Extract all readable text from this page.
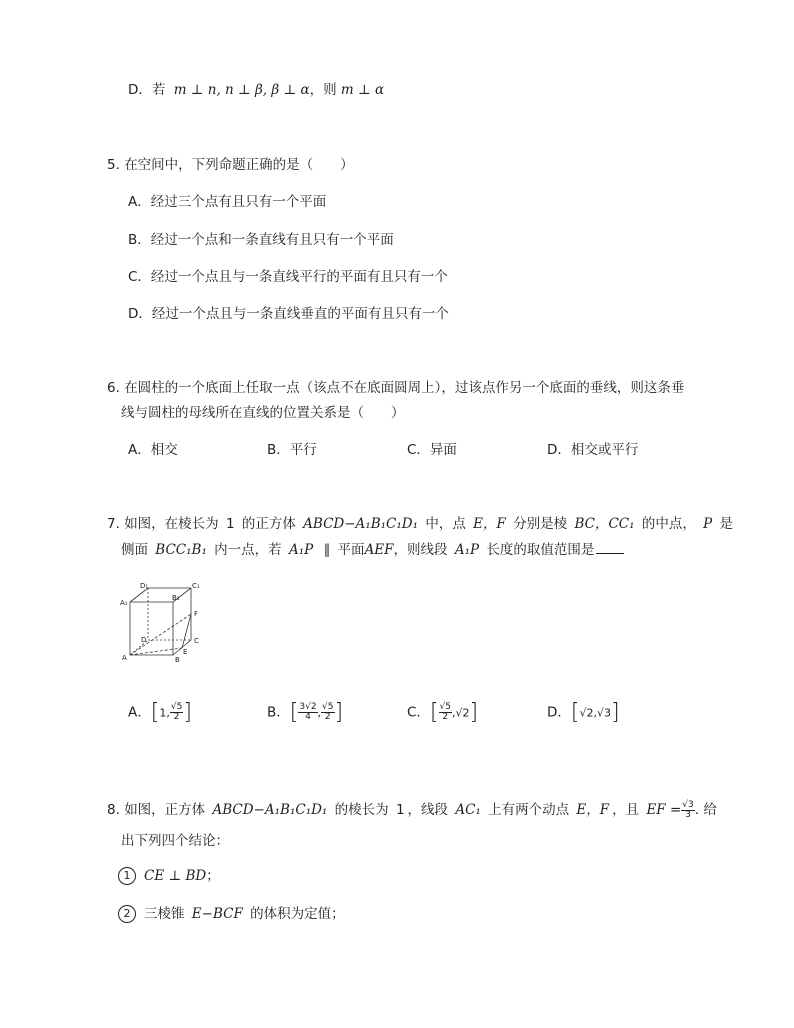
D．若 m ⊥ n, n ⊥ β, β ⊥ α，则 m ⊥ α
5. 在空间中，下列命题正确的是（　　）
A．经过三个点有且只有一个平面
B．经过一个点和一条直线有且只有一个平面
C．经过一个点且与一条直线平行的平面有且只有一个
D．经过一个点且与一条直线垂直的平面有且只有一个
6. 在圆柱的一个底面上任取一点（该点不在底面圆周上），过该点作另一个底面的垂线，则这条垂
线与圆柱的母线所在直线的位置关系是（　　）
A．相交	B．平行	C．异面	D．相交或平行
7. 如图，在棱长为 1 的正方体 ABCD−A₁B₁C₁D₁ 中，点 E，F 分别是棱 BC，CC₁ 的中点， P 是
侧面 BCC₁B₁ 内一点，若 A₁P ∥ 平面AEF，则线段 A₁P 长度的取值范围是
D₁	C₁
A₁
B₁
F
D	C
A
E
B
A．[1, $\frac{√5}{2}$ ]	B．[ $\frac{3√2}{4}$ , $\frac{√5}{2}$ ]	C．[ $\frac{√5}{2} ,√2$]	D．[√2,√3]
8. 如图，正方体 ABCD−A₁B₁C₁D₁ 的棱长为 1 ，线段 AC₁ 上有两个动点 E，F ，且 EF = $\frac{√3}{3}$ . 给
出下列四个结论：
1 CE ⊥ BD；
2 三棱锥 E−BCF 的体积为定值；
